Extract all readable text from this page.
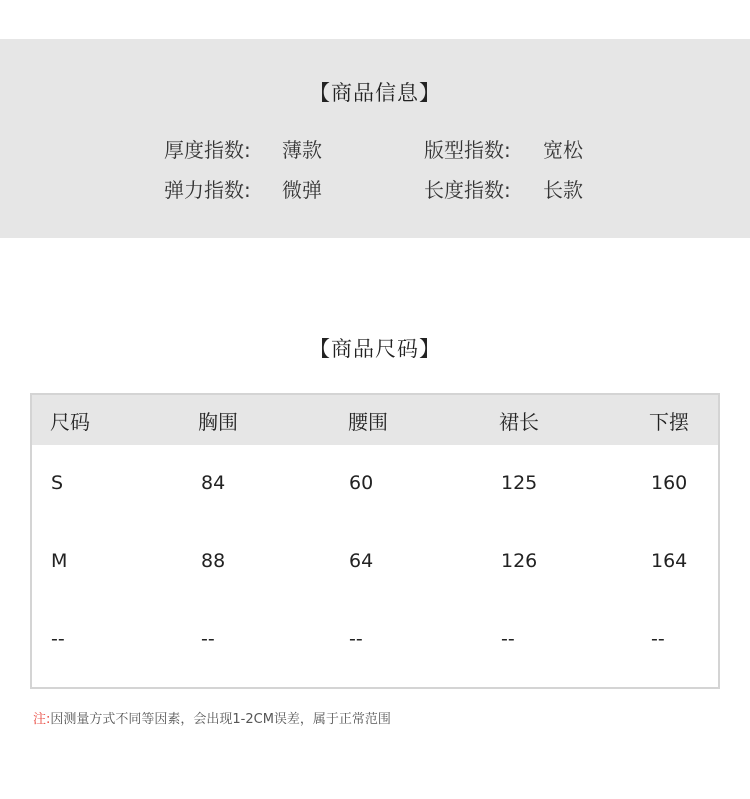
【商品信息】
厚度指数: 薄款	版型指数: 宽松
弹力指数: 微弹	长度指数: 长款
【商品尺码】
尺码	胸围	腰围	裙长	下摆
S	84	60	125	160
M	88	64	126	164
--	--	--	--	--
注:因测量方式不同等因素，会出现1-2CM误差，属于正常范围
